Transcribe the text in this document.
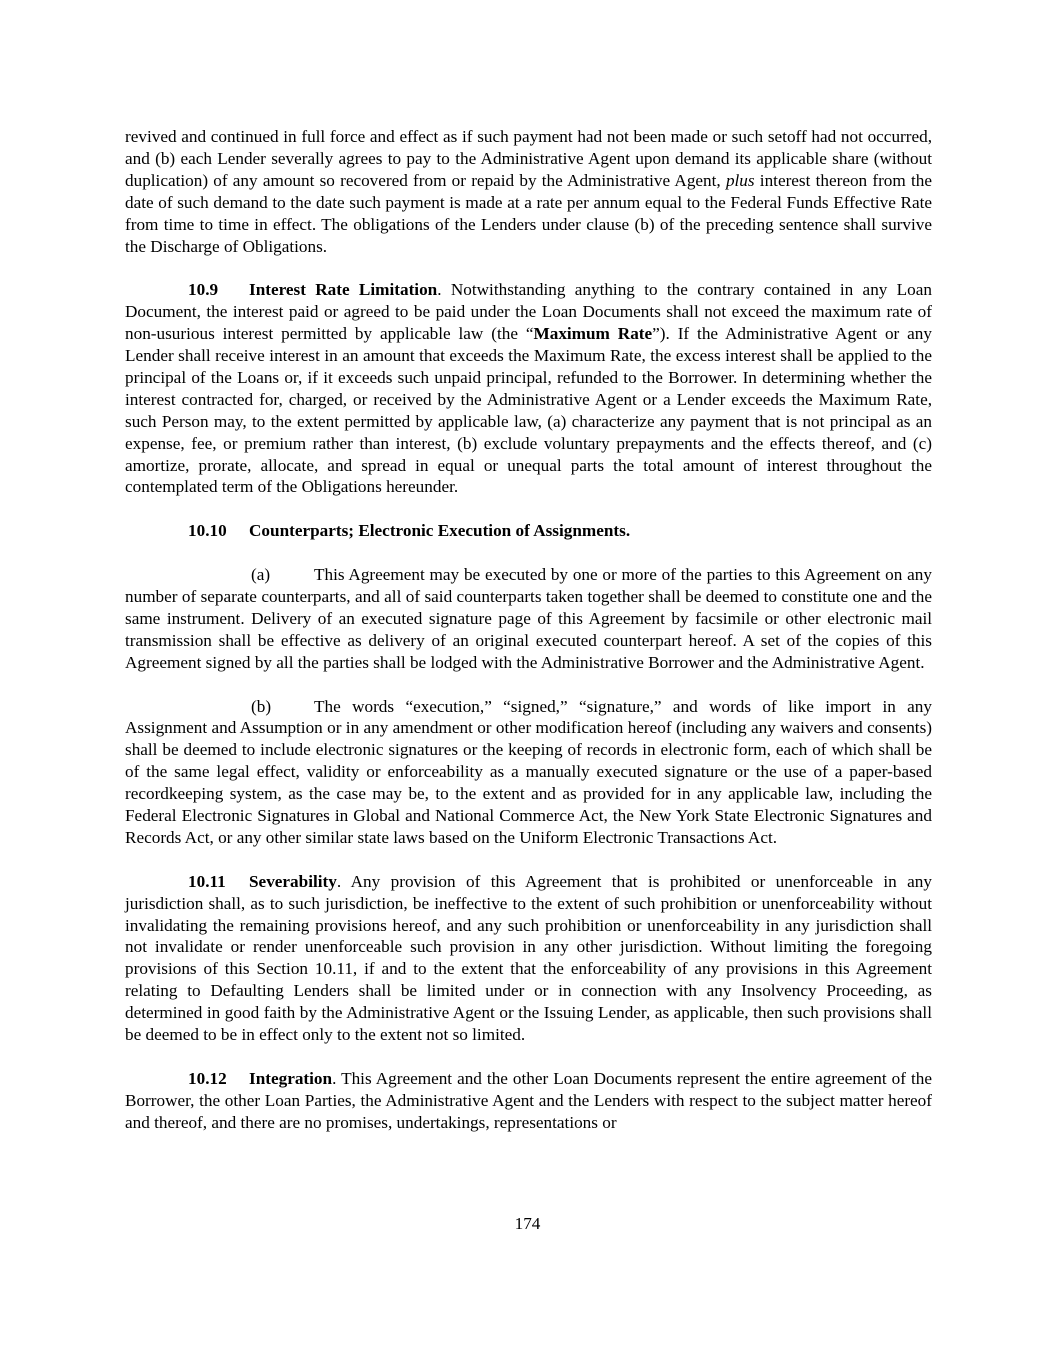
revived and continued in full force and effect as if such payment had not been made or such setoff had not occurred, and (b) each Lender severally agrees to pay to the Administrative Agent upon demand its applicable share (without duplication) of any amount so recovered from or repaid by the Administrative Agent, plus interest thereon from the date of such demand to the date such payment is made at a rate per annum equal to the Federal Funds Effective Rate from time to time in effect. The obligations of the Lenders under clause (b) of the preceding sentence shall survive the Discharge of Obligations.

10.9 Interest Rate Limitation. Notwithstanding anything to the contrary contained in any Loan Document, the interest paid or agreed to be paid under the Loan Documents shall not exceed the maximum rate of non-usurious interest permitted by applicable law (the “Maximum Rate”). If the Administrative Agent or any Lender shall receive interest in an amount that exceeds the Maximum Rate, the excess interest shall be applied to the principal of the Loans or, if it exceeds such unpaid principal, refunded to the Borrower. In determining whether the interest contracted for, charged, or received by the Administrative Agent or a Lender exceeds the Maximum Rate, such Person may, to the extent permitted by applicable law, (a) characterize any payment that is not principal as an expense, fee, or premium rather than interest, (b) exclude voluntary prepayments and the effects thereof, and (c) amortize, prorate, allocate, and spread in equal or unequal parts the total amount of interest throughout the contemplated term of the Obligations hereunder.

10.10 Counterparts; Electronic Execution of Assignments.

(a)	This Agreement may be executed by one or more of the parties to this Agreement on any number of separate counterparts, and all of said counterparts taken together shall be deemed to constitute one and the same instrument. Delivery of an executed signature page of this Agreement by facsimile or other electronic mail transmission shall be effective as delivery of an original executed counterpart hereof. A set of the copies of this Agreement signed by all the parties shall be lodged with the Administrative Borrower and the Administrative Agent.

(b) The words “execution,” “signed,” “signature,” and words of like import in any Assignment and Assumption or in any amendment or other modification hereof (including any waivers and consents) shall be deemed to include electronic signatures or the keeping of records in electronic form, each of which shall be of the same legal effect, validity or enforceability as a manually executed signature or the use of a paper-based recordkeeping system, as the case may be, to the extent and as provided for in any applicable law, including the Federal Electronic Signatures in Global and National Commerce Act, the New York State Electronic Signatures and Records Act, or any other similar state laws based on the Uniform Electronic Transactions Act.

10.11 Severability. Any provision of this Agreement that is prohibited or unenforceable in any jurisdiction shall, as to such jurisdiction, be ineffective to the extent of such prohibition or unenforceability without invalidating the remaining provisions hereof, and any such prohibition or unenforceability in any jurisdiction shall not invalidate or render unenforceable such provision in any other jurisdiction. Without limiting the foregoing provisions of this Section 10.11, if and to the extent that the enforceability of any provisions in this Agreement relating to Defaulting Lenders shall be limited under or in connection with any Insolvency Proceeding, as determined in good faith by the Administrative Agent or the Issuing Lender, as applicable, then such provisions shall be deemed to be in effect only to the extent not so limited.

10.12 Integration. This Agreement and the other Loan Documents represent the entire agreement of the Borrower, the other Loan Parties, the Administrative Agent and the Lenders with respect to the subject matter hereof and thereof, and there are no promises, undertakings, representations or

174
